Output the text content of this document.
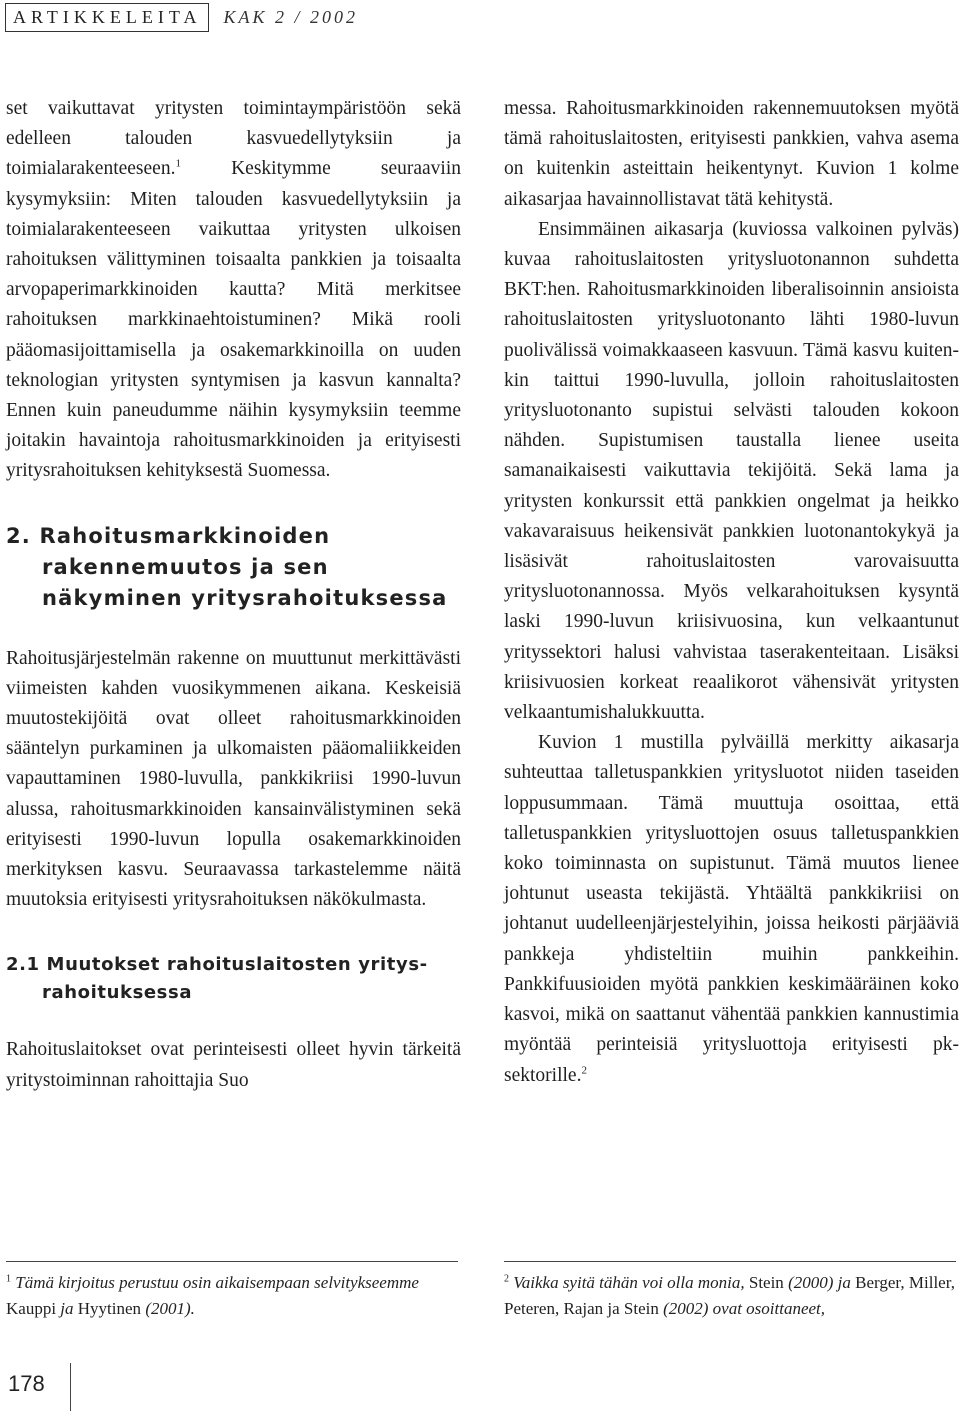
ARTIKKELEITA	KAK 2 / 2002

set vaikuttavat yritysten toimintaympäristöön sekä edelleen talouden kasvuedellytyksiin ja toimialarakenteeseen.$^1$ Keskitymme seuraaviin kysymyksiin: Miten talouden kasvuedellytyksiin ja toimialarakenteeseen vaikuttaa yritysten ulkoisen rahoituksen välittyminen toisaalta pankkien ja toisaalta arvopaperimarkkinoiden kautta? Mitä merkitsee rahoituksen markkinaehtoistuminen? Mikä rooli pääomasijoittamisella ja osakemarkkinoilla on uuden teknologian yritysten syntymisen ja kasvun kannalta? Ennen kuin paneudumme näihin kysymyksiin teemme joitakin havaintoja rahoitusmarkkinoiden ja erityisesti yritysrahoituksen kehityksestä Suomessa.

2. Rahoitusmarkkinoiden rakennemuutos ja sen näkyminen yritysrahoituksessa

Rahoitusjärjestelmän rakenne on muuttunut merkittävästi viimeisten kahden vuosikymmenen aikana. Keskeisiä muutostekijöitä ovat olleet rahoitusmarkkinoiden sääntelyn purkaminen ja ulkomaisten pääomaliikkeiden vapauttaminen 1980-luvulla, pankkikriisi 1990-luvun alussa, rahoitusmarkkinoiden kansainvälistyminen sekä erityisesti 1990-luvun lopulla osakemarkkinoiden merkityksen kasvu. Seuraavassa tarkastelemme näitä muutoksia erityisesti yritysrahoituksen näkökulmasta.

2.1 Muutokset rahoituslaitosten yritysrahoituksessa

Rahoituslaitokset ovat perinteisesti olleet hyvin tärkeitä yritystoiminnan rahoittajia Suo

messa. Rahoitusmarkkinoiden rakennemuutoksen myötä tämä rahoituslaitosten, erityisesti pankkien, vahva asema on kuitenkin asteittain heikentynyt. Kuvion 1 kolme aikasarjaa havainnollistavat tätä kehitystä.

Ensimmäinen aikasarja (kuviossa valkoinen pylväs) kuvaa rahoituslaitosten yritysluotonannon suhdetta BKT:hen. Rahoitusmarkkinoiden liberalisoinnin ansioista rahoituslaitosten yritysluotonanto lähti 1980-luvun puolivälissä voimakkaaseen kasvuun. Tämä kasvu kuitenkin taittui 1990-luvulla, jolloin rahoituslaitosten yritysluotonanto supistui selvästi talouden kokoon nähden. Supistumisen taustalla lienee useita samanaikaisesti vaikuttavia tekijöitä. Sekä lama ja yritysten konkurssit että pankkien ongelmat ja heikko vakavaraisuus heikensivät pankkien luotonantokykyä ja lisäsivät rahoituslaitosten varovaisuutta yritysluotonannossa. Myös velkarahoituksen kysyntä laski 1990-luvun kriisivuosina, kun velkaantunut yrityssektori halusi vahvistaa taserakenteitaan. Lisäksi kriisivuosien korkeat reaalikorot vähensivät yritysten velkaantumishalukkuutta.

Kuvion 1 mustilla pylväillä merkitty aikasarja suhteuttaa talletuspankkien yritysluotot niiden taseiden loppusummaan. Tämä muuttuja osoittaa, että talletuspankkien yritysluottojen osuus talletuspankkien koko toiminnasta on supistunut. Tämä muutos lienee johtunut useasta tekijästä. Yhtäältä pankkikriisi on johtanut uudelleenjärjestelyihin, joissa heikosti pärjääviä pankkeja yhdisteltiin muihin pankkeihin. Pankkifuusioiden myötä pankkien keskimääräinen koko kasvoi, mikä on saattanut vähentää pankkien kannustimia myöntää perinteisiä yritysluottoja erityisesti pk-sektorille.$^2$

$^1$ Tämä kirjoitus perustuu osin aikaisempaan selvitykseemme Kauppi ja Hyytinen (2001).
$^2$ Vaikka syitä tähän voi olla monia, Stein (2000) ja Berger, Miller, Peteren, Rajan ja Stein (2002) ovat osoittaneet,
178
